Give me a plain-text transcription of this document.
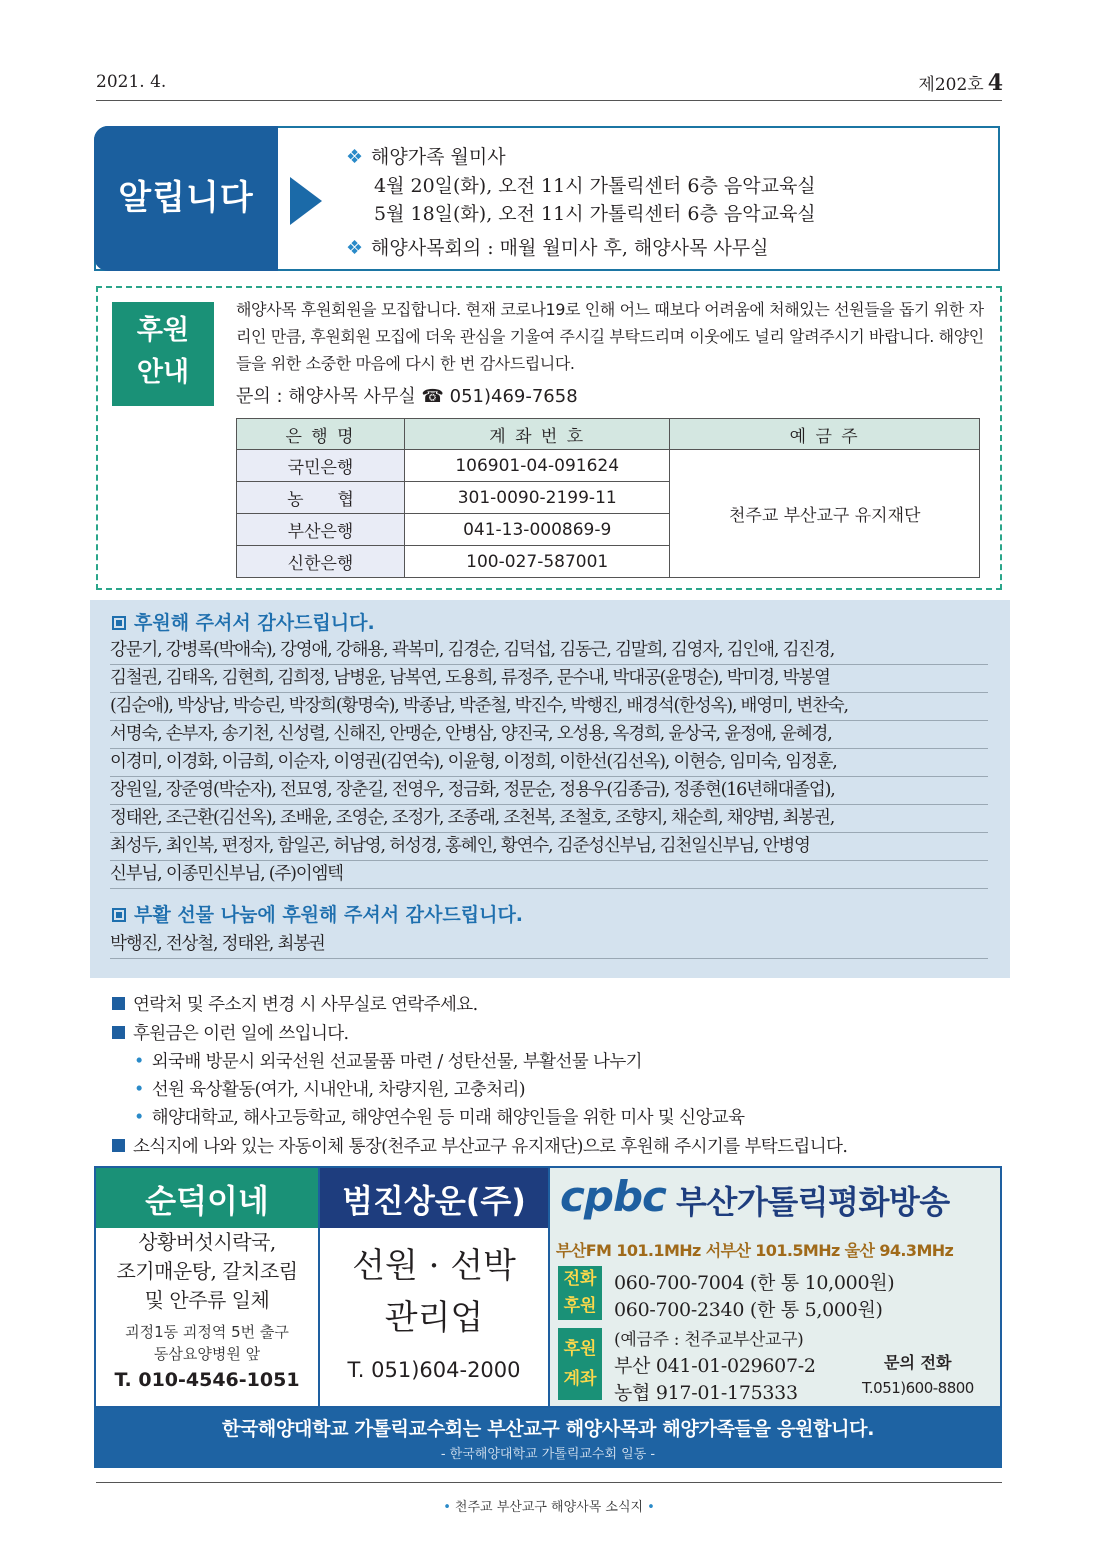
2021. 4.	제202호 4
알립니다
❖ 해양가족 월미사
4월 20일(화), 오전 11시 가톨릭센터 6층 음악교육실
5월 18일(화), 오전 11시 가톨릭센터 6층 음악교육실
❖ 해양사목회의 : 매월 월미사 후, 해양사목 사무실
후원
안내
해양사목 후원회원을 모집합니다. 현재 코로나19로 인해 어느 때보다 어려움에 처해있는 선원들을 돕기 위한 자리인 만큼, 후원회원 모집에 더욱 관심을 기울여 주시길 부탁드리며 이웃에도 널리 알려주시기 바랍니다. 해양인들을 위한 소중한 마음에 다시 한 번 감사드립니다.
문의 : 해양사목 사무실 ☎ 051)469-7658
은 행 명	계 좌 번 호	예 금 주
국민은행	106901-04-091624	천주교 부산교구 유지재단
농　　협	301-0090-2199-11	
부산은행	041-13-000869-9	
신한은행	100-027-587001	
후원해 주셔서 감사드립니다.
강문기, 강병록(박애숙), 강영애, 강해용, 곽복미, 김경순, 김덕섭, 김동근, 김말희, 김영자, 김인애, 김진경,
김철권, 김태옥, 김현희, 김희정, 남병윤, 남복연, 도용희, 류정주, 문수내, 박대공(윤명순), 박미경, 박봉열
(김순애), 박상남, 박승린, 박장희(황명숙), 박종남, 박준철, 박진수, 박행진, 배경석(한성옥), 배영미, 변찬숙,
서명숙, 손부자, 송기천, 신성렬, 신해진, 안맹순, 안병삼, 양진국, 오성용, 옥경희, 윤상국, 윤정애, 윤혜경,
이경미, 이경화, 이금희, 이순자, 이영권(김연숙), 이윤형, 이정희, 이한선(김선옥), 이현승, 임미숙, 임정훈,
장원일, 장준영(박순자), 전묘영, 장춘길, 전영우, 정금화, 정문순, 정용우(김종금), 정종현(16년해대졸업),
정태완, 조근환(김선옥), 조배윤, 조영순, 조정가, 조종래, 조천복, 조철호, 조향지, 채순희, 채양범, 최봉권,
최성두, 최인복, 편정자, 함일곤, 허남영, 허성경, 홍혜인, 황연수, 김준성신부님, 김천일신부님, 안병영
신부님, 이종민신부님, (주)이엠텍
부활 선물 나눔에 후원해 주셔서 감사드립니다.
박행진, 전상철, 정태완, 최봉권
연락처 및 주소지 변경 시 사무실로 연락주세요.
후원금은 이런 일에 쓰입니다.
• 외국배 방문시 외국선원 선교물품 마련 / 성탄선물, 부활선물 나누기
• 선원 육상활동(여가, 시내안내, 차량지원, 고충처리)
• 해양대학교, 해사고등학교, 해양연수원 등 미래 해양인들을 위한 미사 및 신앙교육
소식지에 나와 있는 자동이체 통장(천주교 부산교구 유지재단)으로 후원해 주시기를 부탁드립니다.
순덕이네
상황버섯시락국,
조기매운탕, 갈치조림
및 안주류 일체
괴정1동 괴정역 5번 출구
동삼요양병원 앞
T. 010-4546-1051
범진상운(주)
선원 · 선박
관리업
T. 051)604-2000
cpbc 부산가톨릭평화방송
부산FM 101.1MHz 서부산 101.5MHz 울산 94.3MHz
전화
후원
060-700-7004 (한 통 10,000원)
060-700-2340 (한 통 5,000원)
후원
계좌
(예금주 : 천주교부산교구)
부산 041-01-029607-2
농협 917-01-175333
문의 전화
T.051)600-8800
한국해양대학교 가톨릭교수회는 부산교구 해양사목과 해양가족들을 응원합니다.
- 한국해양대학교 가톨릭교수회 일동 -
• 천주교 부산교구 해양사목 소식지 •
